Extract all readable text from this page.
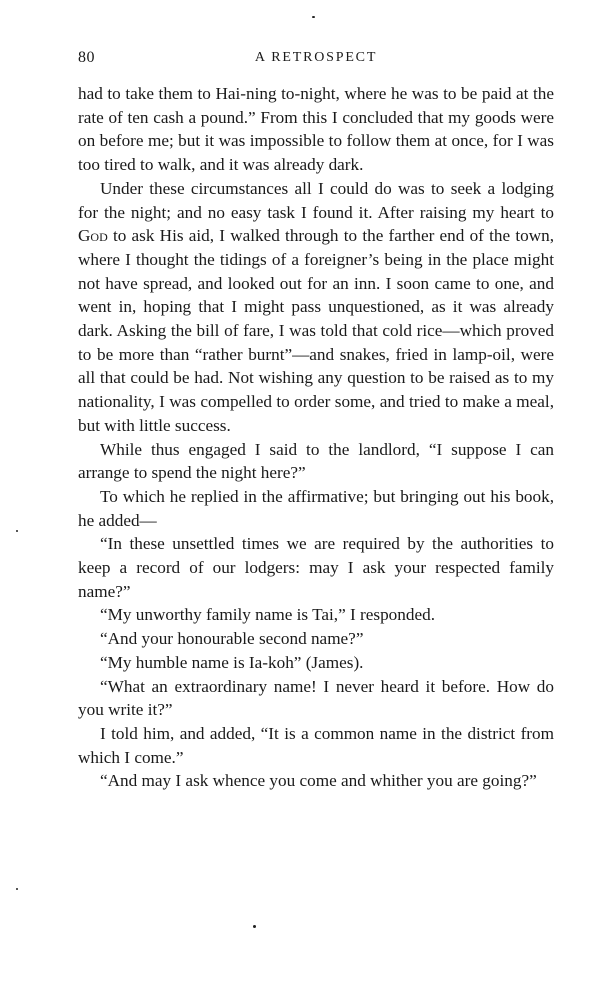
80	A RETROSPECT

had to take them to Hai-ning to-night, where he was to be paid at the rate of ten cash a pound.” From this I concluded that my goods were on before me; but it was impossible to follow them at once, for I was too tired to walk, and it was already dark.

Under these circumstances all I could do was to seek a lodging for the night; and no easy task I found it. After raising my heart to God to ask His aid, I walked through to the farther end of the town, where I thought the tidings of a foreigner’s being in the place might not have spread, and looked out for an inn. I soon came to one, and went in, hoping that I might pass unquestioned, as it was already dark. Asking the bill of fare, I was told that cold rice—which proved to be more than “rather burnt”—and snakes, fried in lamp-oil, were all that could be had. Not wishing any question to be raised as to my nationality, I was compelled to order some, and tried to make a meal, but with little success.

While thus engaged I said to the landlord, “I suppose I can arrange to spend the night here?”

To which he replied in the affirmative; but bringing out his book, he added—

“In these unsettled times we are required by the authorities to keep a record of our lodgers: may I ask your respected family name?”

“My unworthy family name is Tai,” I responded.

“And your honourable second name?”

“My humble name is Ia-koh” (James).

“What an extraordinary name! I never heard it before. How do you write it?”

I told him, and added, “It is a common name in the district from which I come.”

“And may I ask whence you come and whither you are going?”
